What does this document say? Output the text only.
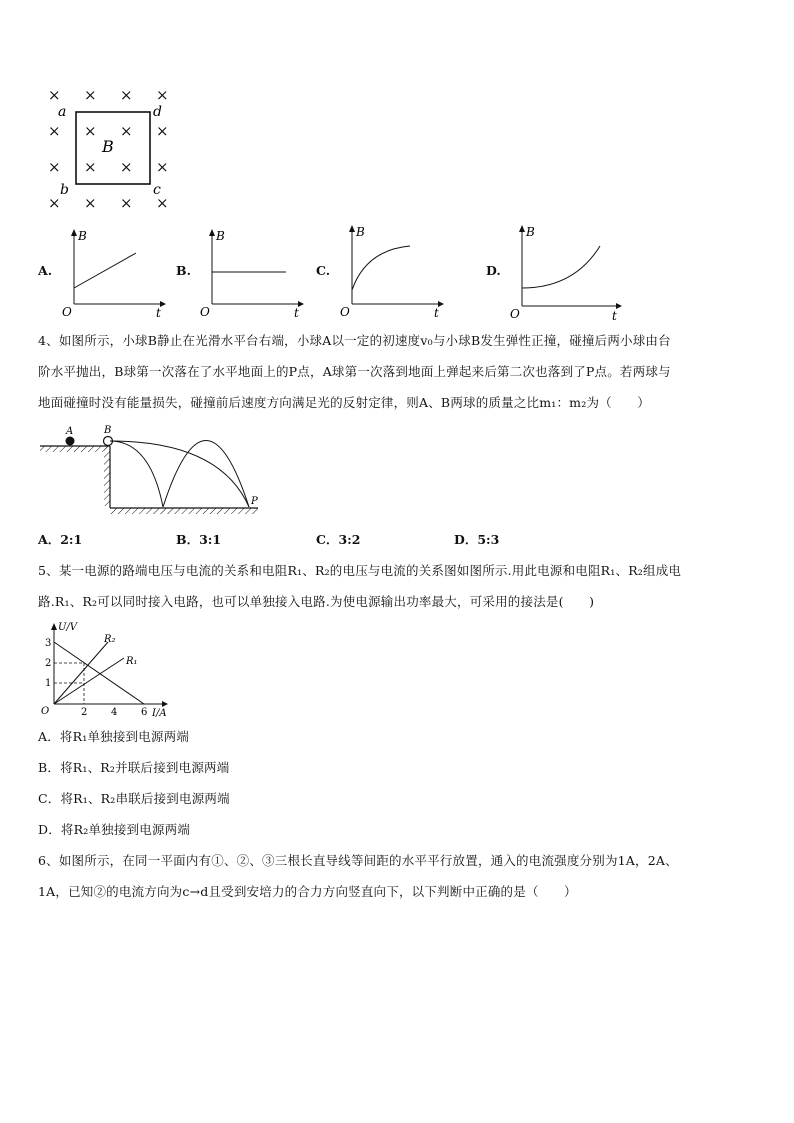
× × × ×
× × × ×
× × × ×
× × × ×
a	d
b	c
B
A.
B
t
O
B.
B
t
O
C.
B
t
O
D.
B
t
O
4、如图所示，小球B静止在光滑水平台右端，小球A以一定的初速度v₀与小球B发生弹性正撞，碰撞后两小球由台
阶水平抛出，B球第一次落在了水平地面上的P点，A球第一次落到地面上弹起来后第二次也落到了P点。若两球与
地面碰撞时没有能量损失，碰撞前后速度方向满足光的反射定律，则A、B两球的质量之比m₁：m₂为（　　）
A	B
P
A．2:1	B．3:1	C．3:2	D．5:3
5、某一电源的路端电压与电流的关系和电阻R₁、R₂的电压与电流的关系图如图所示.用此电源和电阻R₁、R₂组成电
路.R₁、R₂可以同时接入电路，也可以单独接入电路.为使电源输出功率最大，可采用的接法是(　　)
R₂
R₁
U/V
I/A
O
1
2
3
2 4 6
A．将R₁单独接到电源两端
B．将R₁、R₂并联后接到电源两端
C．将R₁、R₂串联后接到电源两端
D．将R₂单独接到电源两端
6、如图所示，在同一平面内有①、②、③三根长直导线等间距的水平平行放置，通入的电流强度分别为1A，2A、
1A，已知②的电流方向为c→d且受到安培力的合力方向竖直向下，以下判断中正确的是（　　）
